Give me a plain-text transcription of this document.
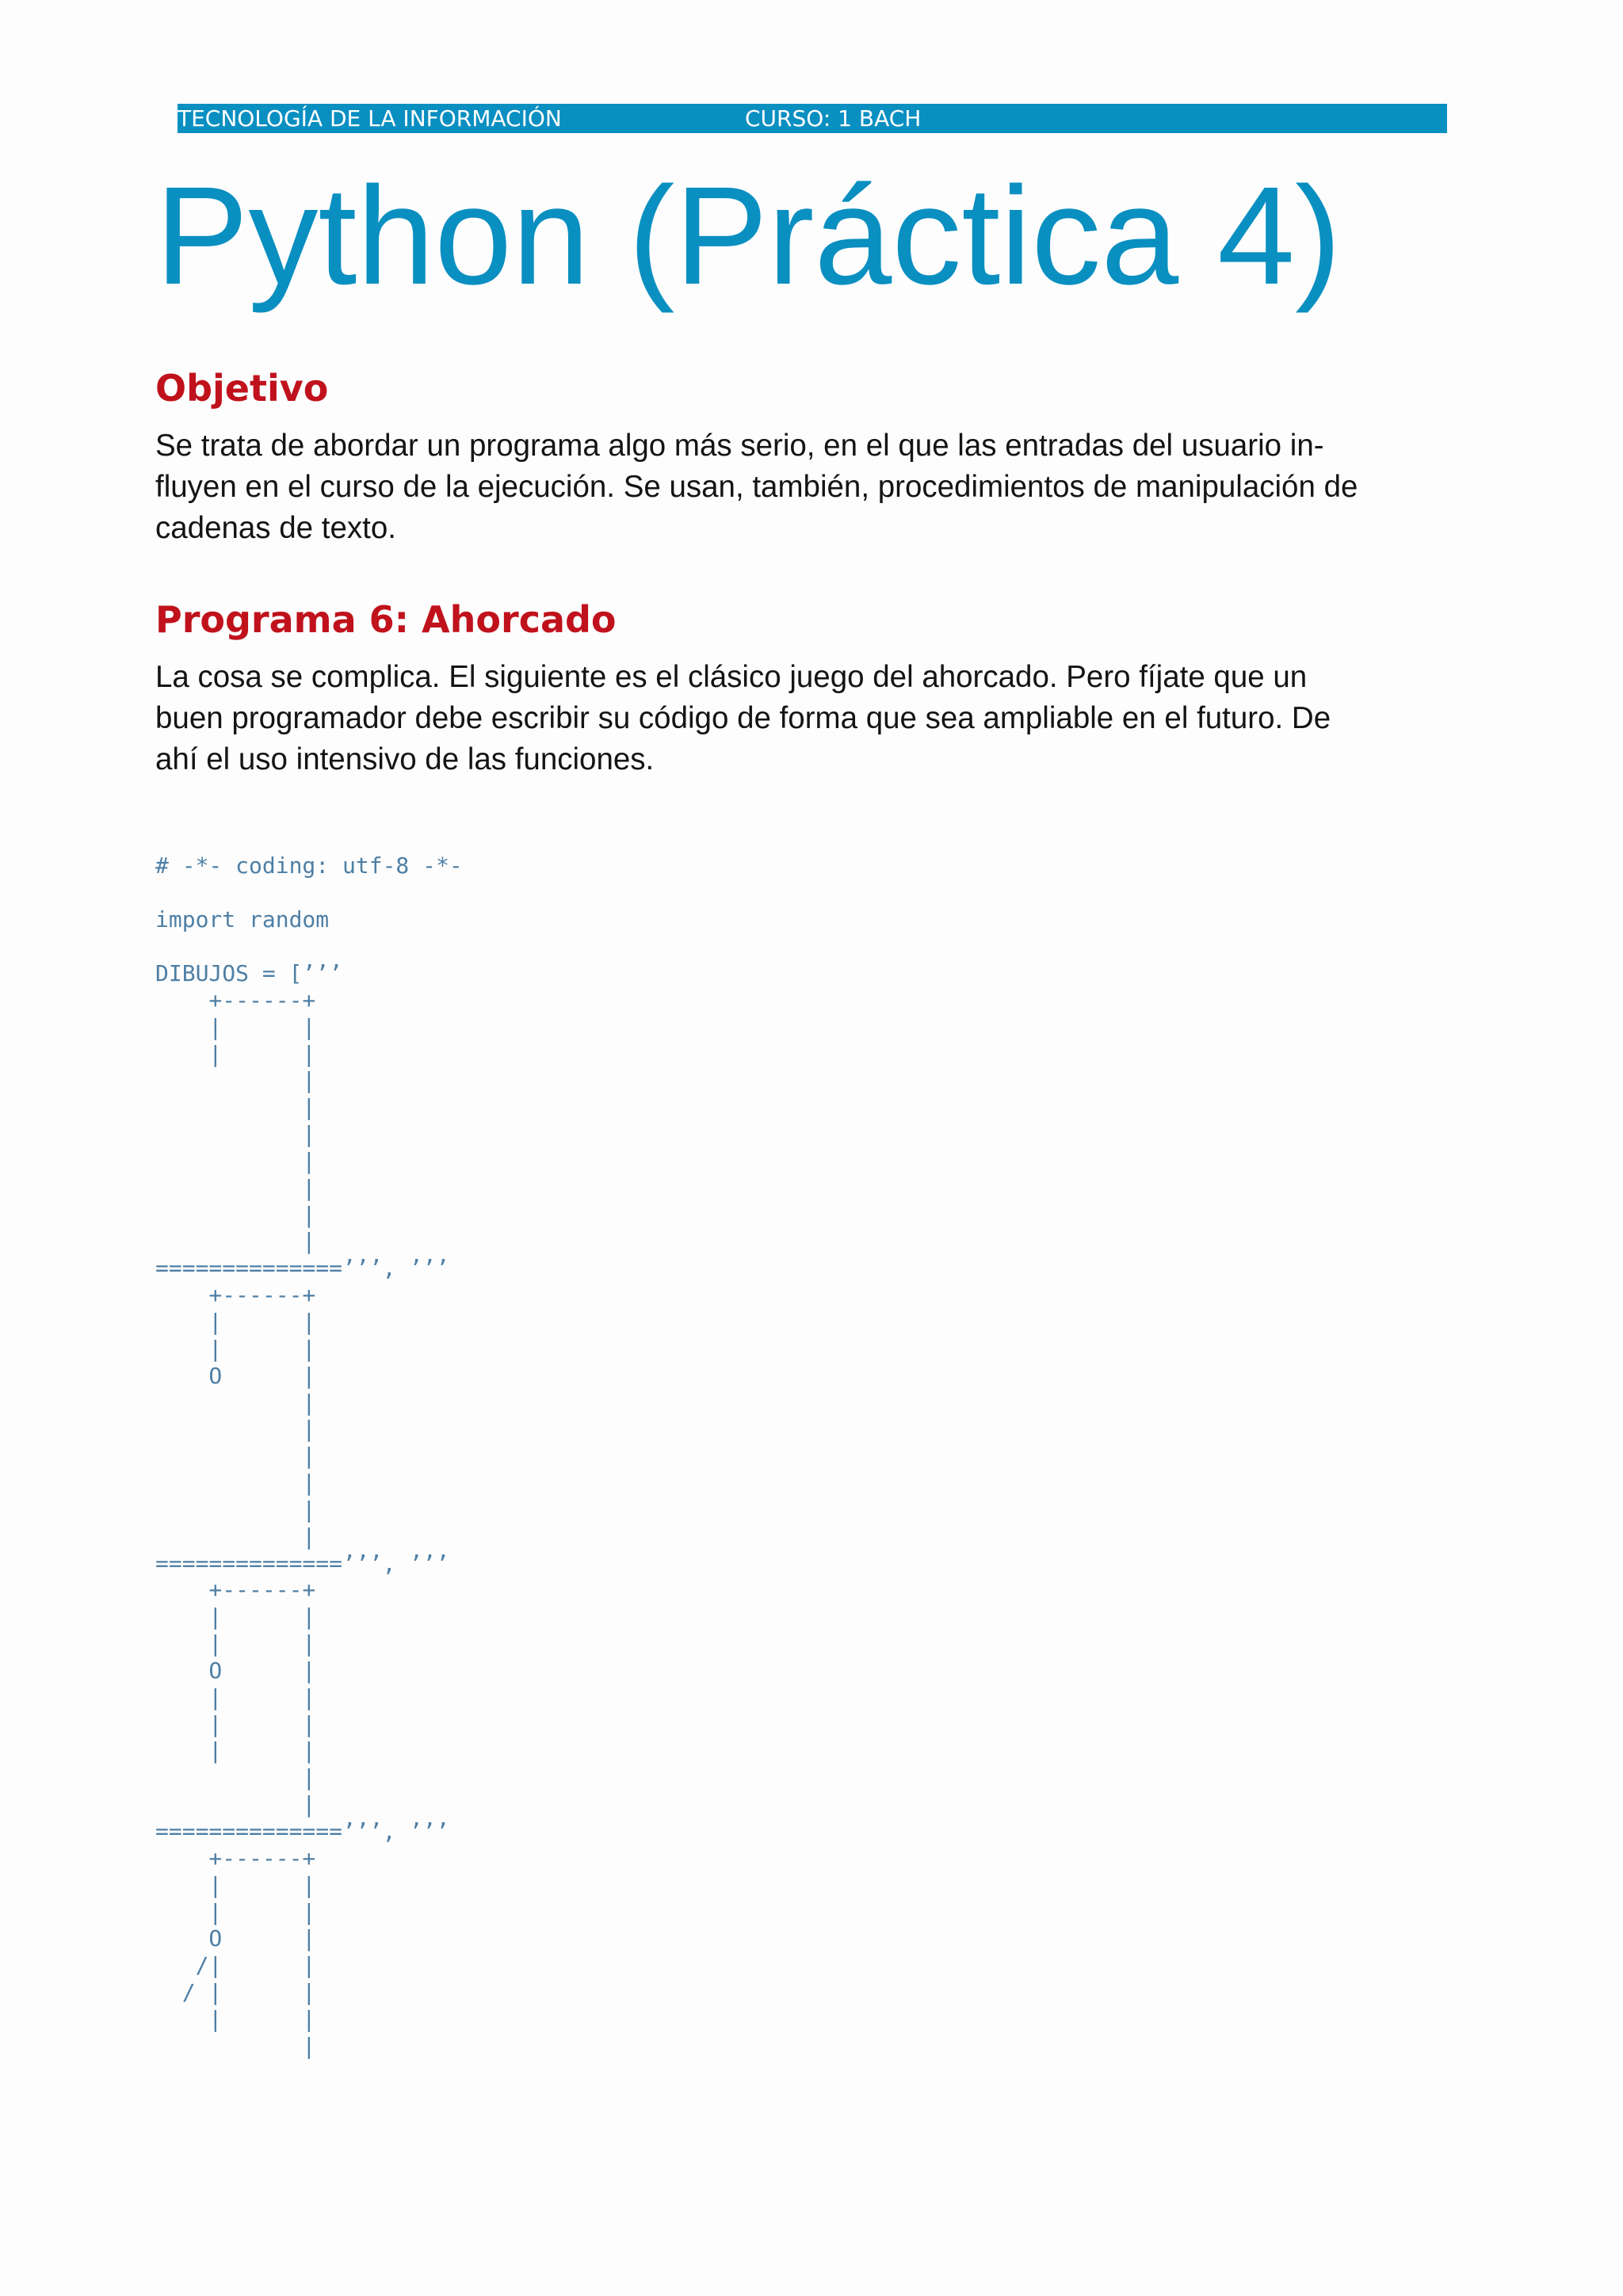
TECNOLOGÍA DE LA INFORMACIÓN	CURSO: 1 BACH
Python (Práctica 4)
Objetivo
Se trata de abordar un programa algo más serio, en el que las entradas del usuario in-
fluyen en el curso de la ejecución. Se usan, también, procedimientos de manipulación de
cadenas de texto.
Programa 6: Ahorcado
La cosa se complica. El siguiente es el clásico juego del ahorcado. Pero fíjate que un
buen programador debe escribir su código de forma que sea ampliable en el futuro. De
ahí el uso intensivo de las funciones.
# -*- coding: utf-8 -*-
import random
DIBUJOS = [’’’
+------+
|      |
|      |
|
|
|
|
|
|
|
==============’’’, ’’’
+------+
|      |
|      |
O      |
|
|
|
|
|
|
==============’’’, ’’’
+------+
|      |
|      |
O      |
|      |
|      |
|      |
|
|
==============’’’, ’’’
+------+
|      |
|      |
O      |
/|      |
/ |      |
|      |
|
